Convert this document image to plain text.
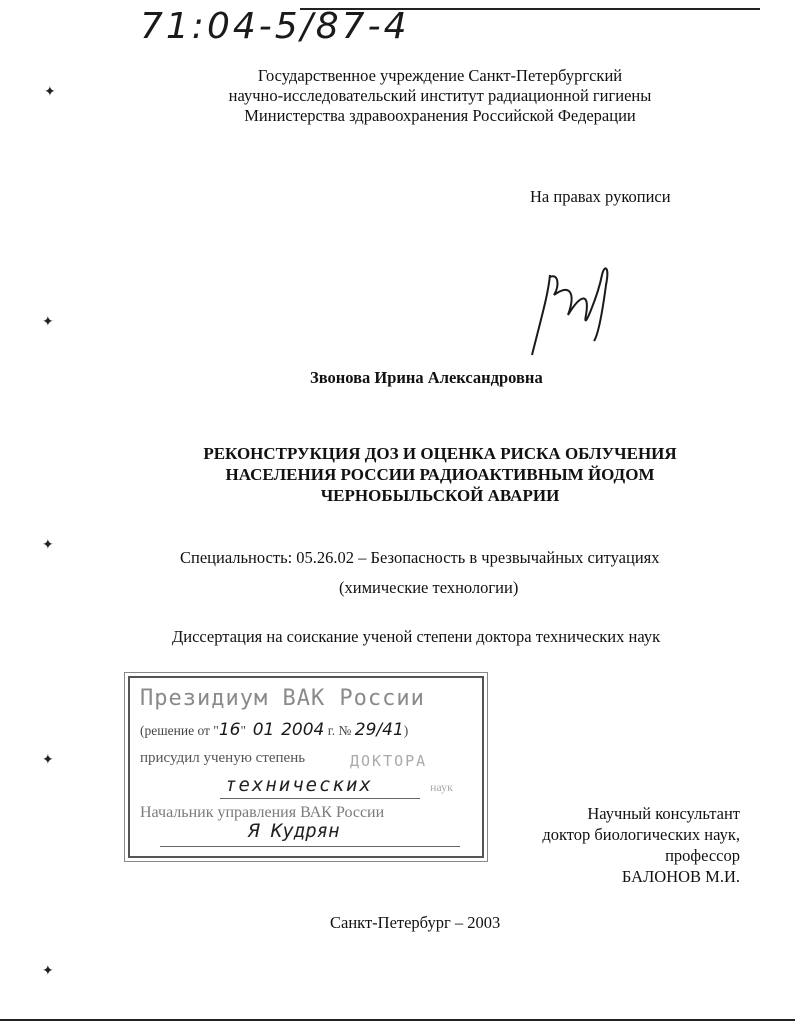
71:04-5/87-4
Государственное учреждение Санкт-Петербургский
научно-исследовательский институт радиационной гигиены
Министерства здравоохранения Российской Федерации
На правах рукописи
Звонова Ирина Александровна
РЕКОНСТРУКЦИЯ ДОЗ И ОЦЕНКА РИСКА ОБЛУЧЕНИЯ
НАСЕЛЕНИЯ РОССИИ РАДИОАКТИВНЫМ ЙОДОМ
ЧЕРНОБЫЛЬСКОЙ АВАРИИ
Специальность: 05.26.02 – Безопасность в чрезвычайных ситуациях
(химические технологии)
Диссертация на соискание ученой степени доктора технических наук
Президиум ВАК России
(решение от "16"  01 2004 г. № 29/41)
присудил ученую степень	ДОКТОРА
технических	наук
Начальник управления ВАК России
Я Кудрян
Научный консультант
доктор биологических наук, профессор
БАЛОНОВ М.И.
Санкт-Петербург – 2003
✦
✦
✦
✦
✦
